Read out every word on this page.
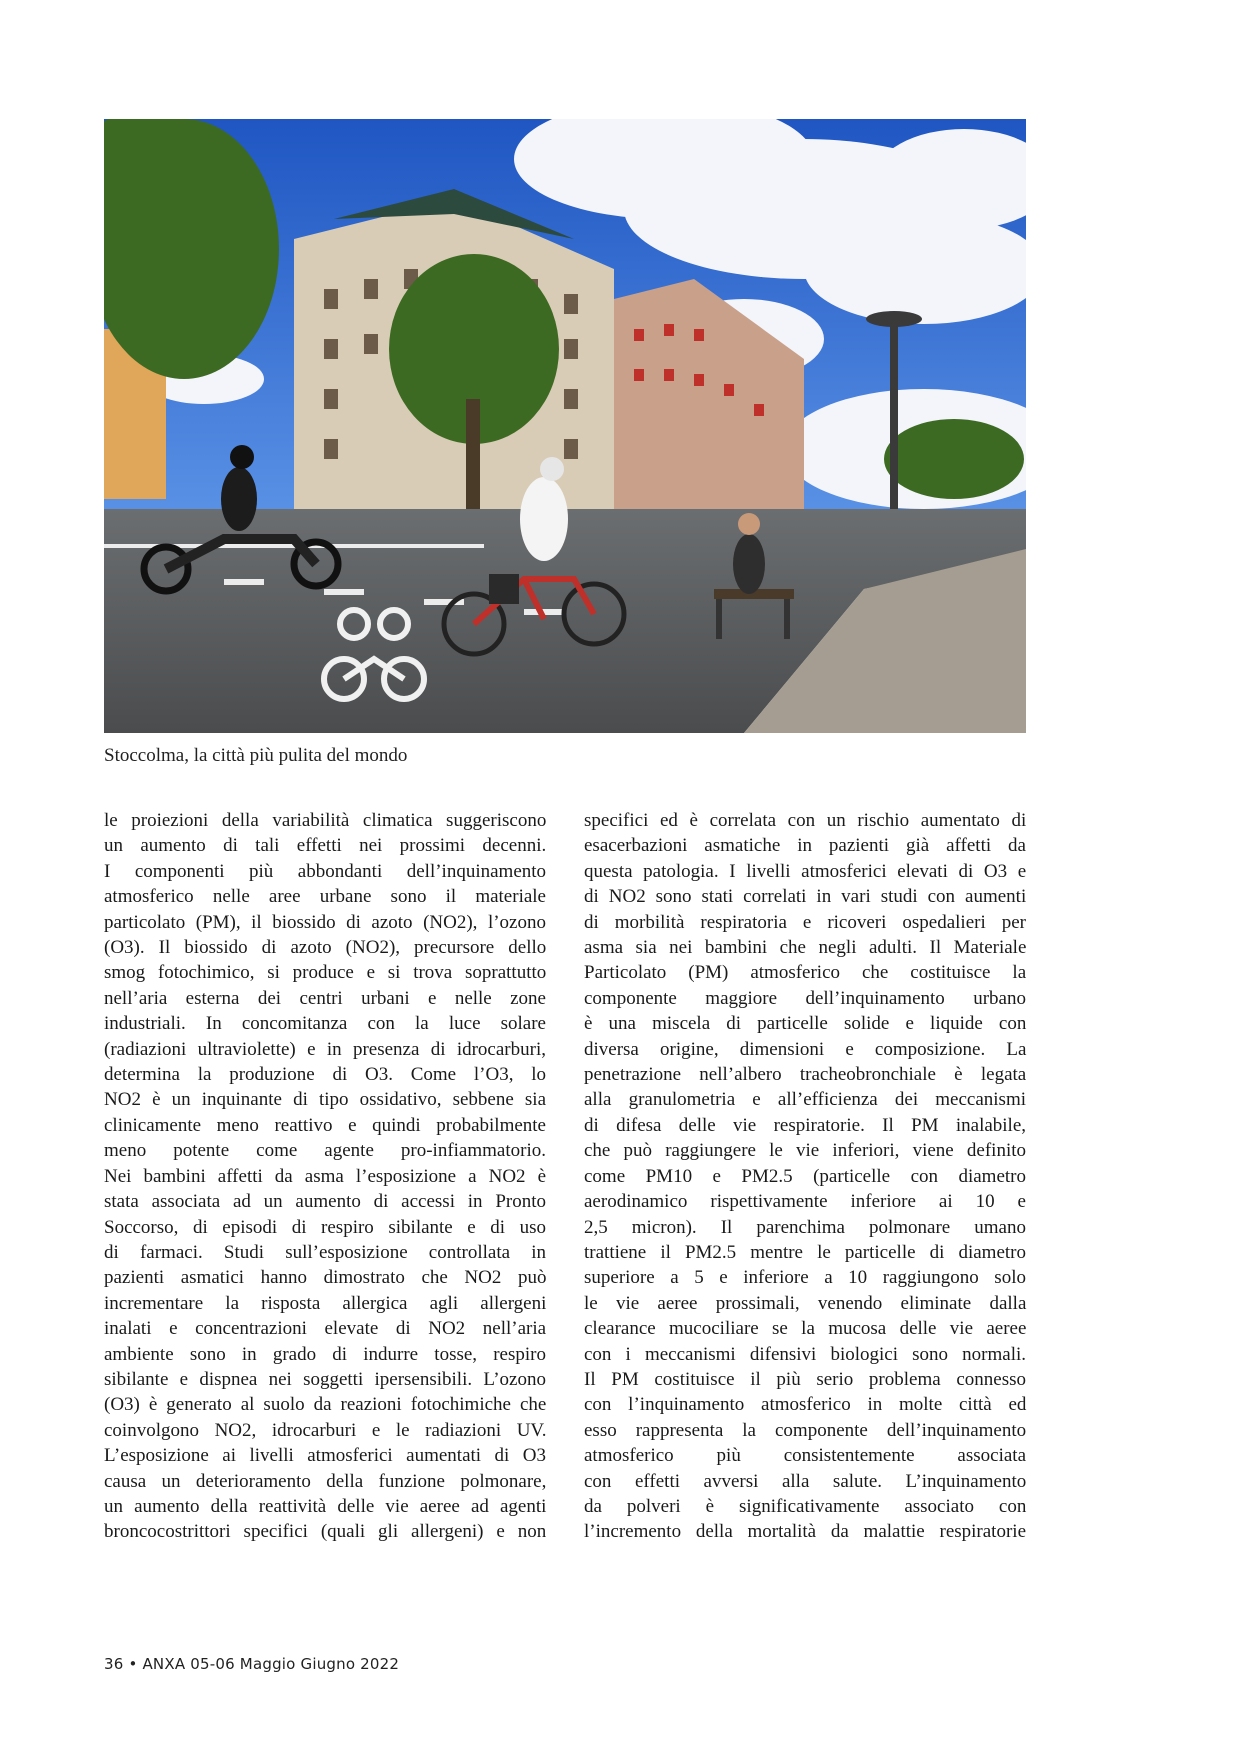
Stoccolma, la città più pulita del mondo
le proiezioni della variabilità climatica suggeriscono
un aumento di tali effetti nei prossimi decenni.
I componenti più abbondanti dell’inquinamento
atmosferico nelle aree urbane sono il materiale
particolato (PM), il biossido di azoto (NO2), l’ozono
(O3). Il biossido di azoto (NO2), precursore dello
smog fotochimico, si produce e si trova soprattutto
nell’aria esterna dei centri urbani e nelle zone
industriali. In concomitanza con la luce solare
(radiazioni ultraviolette) e in presenza di idrocarburi,
determina la produzione di O3. Come l’O3, lo
NO2 è un inquinante di tipo ossidativo, sebbene sia
clinicamente meno reattivo e quindi probabilmente
meno potente come agente pro-infiammatorio.
Nei bambini affetti da asma l’esposizione a NO2 è
stata associata ad un aumento di accessi in Pronto
Soccorso, di episodi di respiro sibilante e di uso
di farmaci. Studi sull’esposizione controllata in
pazienti asmatici hanno dimostrato che NO2 può
incrementare la risposta allergica agli allergeni
inalati e concentrazioni elevate di NO2 nell’aria
ambiente sono in grado di indurre tosse, respiro
sibilante e dispnea nei soggetti ipersensibili. L’ozono
(O3) è generato al suolo da reazioni fotochimiche che
coinvolgono NO2, idrocarburi e le radiazioni UV.
L’esposizione ai livelli atmosferici aumentati di O3
causa un deterioramento della funzione polmonare,
un aumento della reattività delle vie aeree ad agenti
broncocostrittori specifici (quali gli allergeni) e non
specifici ed è correlata con un rischio aumentato di
esacerbazioni asmatiche in pazienti già affetti da
questa patologia. I livelli atmosferici elevati di O3 e
di NO2 sono stati correlati in vari studi con aumenti
di morbilità respiratoria e ricoveri ospedalieri per
asma sia nei bambini che negli adulti. Il Materiale
Particolato (PM) atmosferico che costituisce la
componente maggiore dell’inquinamento urbano
è una miscela di particelle solide e liquide con
diversa origine, dimensioni e composizione. La
penetrazione nell’albero tracheobronchiale è legata
alla granulometria e all’efficienza dei meccanismi
di difesa delle vie respiratorie. Il PM inalabile,
che può raggiungere le vie inferiori, viene definito
come PM10 e PM2.5 (particelle con diametro
aerodinamico rispettivamente inferiore ai 10 e
2,5 micron). Il parenchima polmonare umano
trattiene il PM2.5 mentre le particelle di diametro
superiore a 5 e inferiore a 10 raggiungono solo
le vie aeree prossimali, venendo eliminate dalla
clearance mucociliare se la mucosa delle vie aeree
con i meccanismi difensivi biologici sono normali.
Il PM costituisce il più serio problema connesso
con l’inquinamento atmosferico in molte città ed
esso rappresenta la componente dell’inquinamento
atmosferico più consistentemente associata
con effetti avversi alla salute. L’inquinamento
da polveri è significativamente associato con
l’incremento della mortalità da malattie respiratorie
36 • ANXA 05-06 Maggio Giugno 2022
